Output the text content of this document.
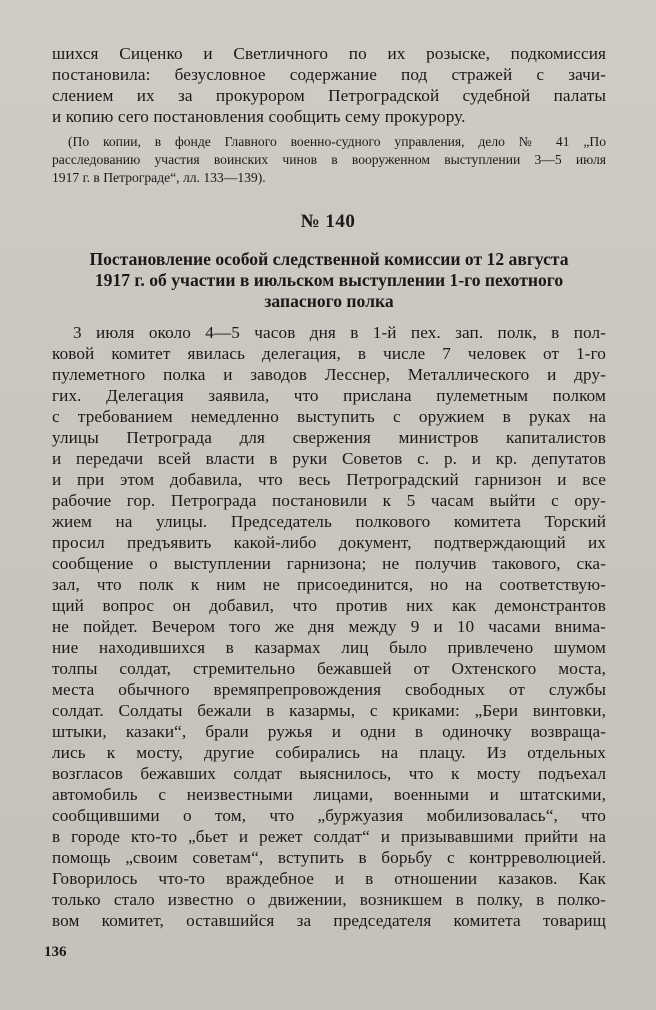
шихся Сиценко и Светличного по их розыске, подкомиссия
постановила: безусловное содержание под стражей с зачи-
слением их за прокурором Петроградской судебной палаты
и копию сего постановления сообщить сему прокурору.
(По копии, в фонде Главного военно-судного управления, дело № 41 „По
расследованию участия воинских чинов в вооруженном выступлении 3—5 июля
1917 г. в Петрограде“, лл. 133—139).
№ 140
Постановление особой следственной комиссии от 12 августа
1917 г. об участии в июльском выступлении 1-го пехотного
запасного полка
3 июля около 4—5 часов дня в 1-й пех. зап. полк, в пол-
ковой комитет явилась делегация, в числе 7 человек от 1-го
пулеметного полка и заводов Лесснер, Металлического и дру-
гих. Делегация заявила, что прислана пулеметным полком
с требованием немедленно выступить с оружием в руках на
улицы Петрограда для свержения министров капиталистов
и передачи всей власти в руки Советов с. р. и кр. депутатов
и при этом добавила, что весь Петроградский гарнизон и все
рабочие гор. Петрограда постановили к 5 часам выйти с ору-
жием на улицы. Председатель полкового комитета Торский
просил предъявить какой-либо документ, подтверждающий их
сообщение о выступлении гарнизона; не получив такового, ска-
зал, что полк к ним не присоединится, но на соответствую-
щий вопрос он добавил, что против них как демонстрантов
не пойдет. Вечером того же дня между 9 и 10 часами внима-
ние находившихся в казармах лиц было привлечено шумом
толпы солдат, стремительно бежавшей от Охтенского моста,
места обычного времяпрепровождения свободных от службы
солдат. Солдаты бежали в казармы, с криками: „Бери винтовки,
штыки, казаки“, брали ружья и одни в одиночку возвраща-
лись к мосту, другие собирались на плацу. Из отдельных
возгласов бежавших солдат выяснилось, что к мосту подъехал
автомобиль с неизвестными лицами, военными и штатскими,
сообщившими о том, что „буржуазия мобилизовалась“, что
в городе кто-то „бьет и режет солдат“ и призывавшими прийти на
помощь „своим советам“, вступить в борьбу с контрреволюцией.
Говорилось что-то враждебное и в отношении казаков. Как
только стало известно о движении, возникшем в полку, в полко-
вом комитет, оставшийся за председателя комитета товарищ
136
